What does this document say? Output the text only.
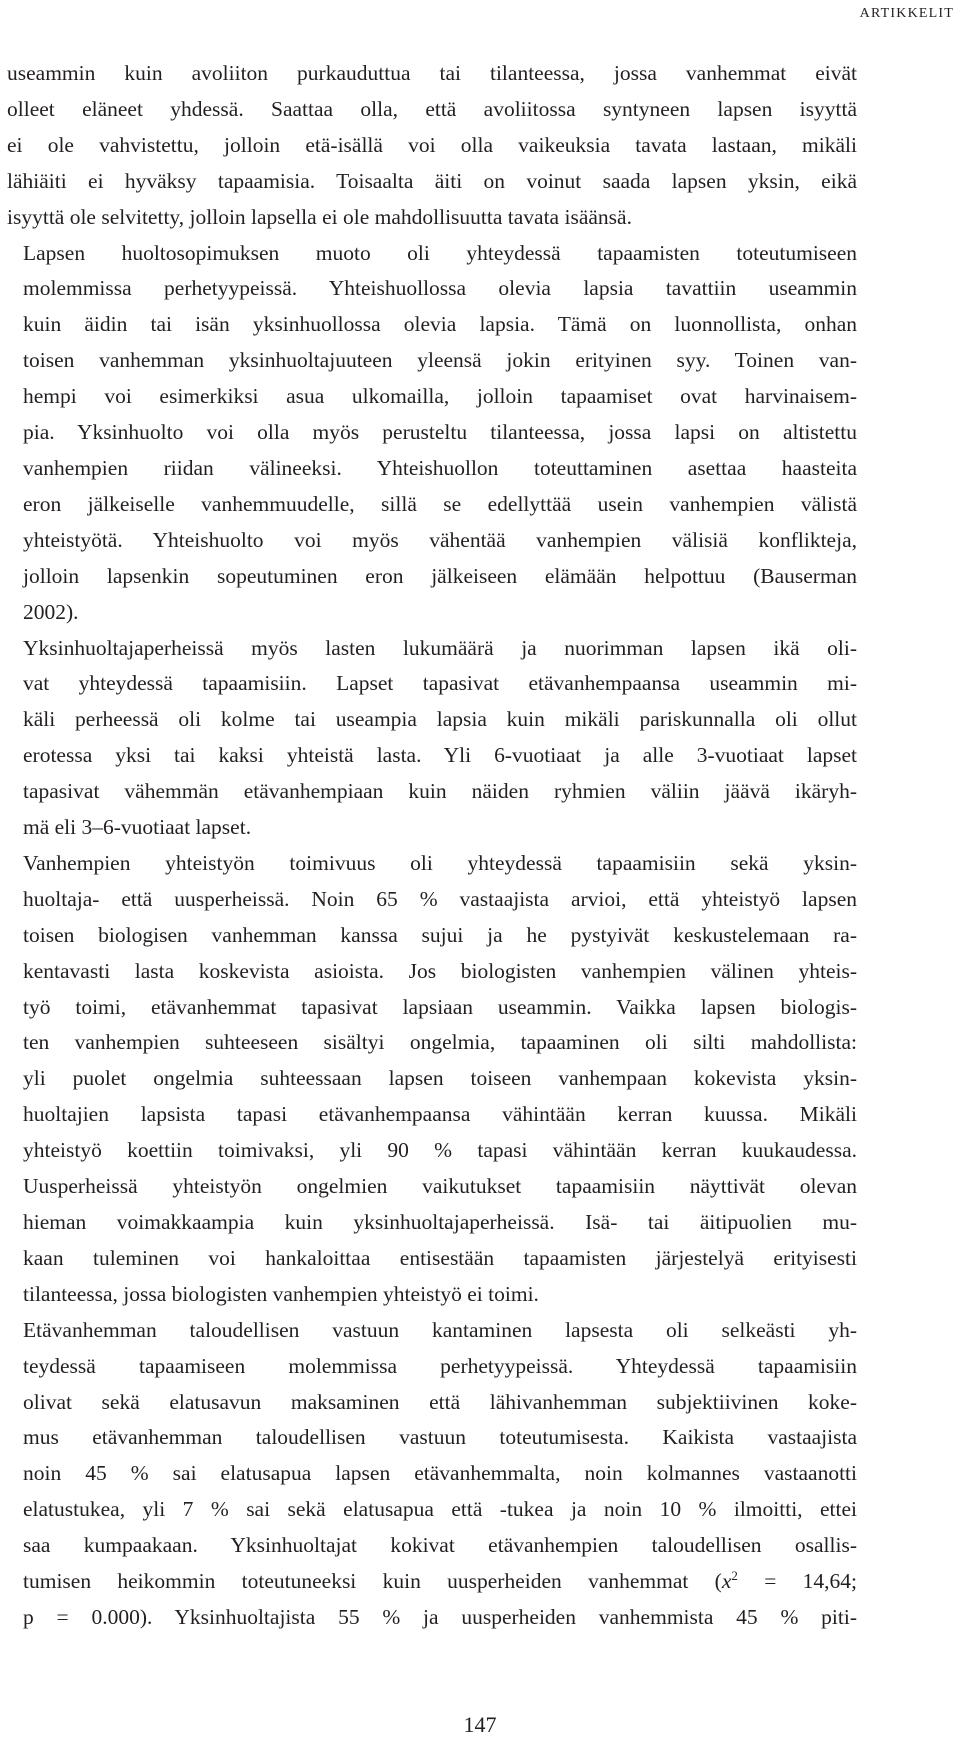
ARTIKKELIT

useammin kuin avoliiton purkauduttua tai tilanteessa, jossa vanhemmat eivät
olleet eläneet yhdessä. Saattaa olla, että avoliitossa syntyneen lapsen isyyttä
ei ole vahvistettu, jolloin etä-isällä voi olla vaikeuksia tavata lastaan, mikäli
lähiäiti ei hyväksy tapaamisia. Toisaalta äiti on voinut saada lapsen yksin, eikä
isyyttä ole selvitetty, jolloin lapsella ei ole mahdollisuutta tavata isäänsä.

Lapsen huoltosopimuksen muoto oli yhteydessä tapaamisten toteutumiseen
molemmissa perhetyypeissä. Yhteishuollossa olevia lapsia tavattiin useammin
kuin äidin tai isän yksinhuollossa olevia lapsia. Tämä on luonnollista, onhan
toisen vanhemman yksinhuoltajuuteen yleensä jokin erityinen syy. Toinen van-
hempi voi esimerkiksi asua ulkomailla, jolloin tapaamiset ovat harvinaisem-
pia. Yksinhuolto voi olla myös perusteltu tilanteessa, jossa lapsi on altistettu
vanhempien riidan välineeksi. Yhteishuollon toteuttaminen asettaa haasteita
eron jälkeiselle vanhemmuudelle, sillä se edellyttää usein vanhempien välistä
yhteistyötä. Yhteishuolto voi myös vähentää vanhempien välisiä konflikteja,
jolloin lapsenkin sopeutuminen eron jälkeiseen elämään helpottuu (Bauserman
2002).

Yksinhuoltajaperheissä myös lasten lukumäärä ja nuorimman lapsen ikä oli-
vat yhteydessä tapaamisiin. Lapset tapasivat etävanhempaansa useammin mi-
käli perheessä oli kolme tai useampia lapsia kuin mikäli pariskunnalla oli ollut
erotessa yksi tai kaksi yhteistä lasta. Yli 6-vuotiaat ja alle 3-vuotiaat lapset
tapasivat vähemmän etävanhempiaan kuin näiden ryhmien väliin jäävä ikäryh-
mä eli 3–6-vuotiaat lapset.

Vanhempien yhteistyön toimivuus oli yhteydessä tapaamisiin sekä yksin-
huoltaja- että uusperheissä. Noin 65 % vastaajista arvioi, että yhteistyö lapsen
toisen biologisen vanhemman kanssa sujui ja he pystyivät keskustelemaan ra-
kentavasti lasta koskevista asioista. Jos biologisten vanhempien välinen yhteis-
työ toimi, etävanhemmat tapasivat lapsiaan useammin. Vaikka lapsen biologis-
ten vanhempien suhteeseen sisältyi ongelmia, tapaaminen oli silti mahdollista:
yli puolet ongelmia suhteessaan lapsen toiseen vanhempaan kokevista yksin-
huoltajien lapsista tapasi etävanhempaansa vähintään kerran kuussa. Mikäli
yhteistyö koettiin toimivaksi, yli 90 % tapasi vähintään kerran kuukaudessa.
Uusperheissä yhteistyön ongelmien vaikutukset tapaamisiin näyttivät olevan
hieman voimakkaampia kuin yksinhuoltajaperheissä. Isä- tai äitipuolien mu-
kaan tuleminen voi hankaloittaa entisestään tapaamisten järjestelyä erityisesti
tilanteessa, jossa biologisten vanhempien yhteistyö ei toimi.

Etävanhemman taloudellisen vastuun kantaminen lapsesta oli selkeästi yh-
teydessä tapaamiseen molemmissa perhetyypeissä. Yhteydessä tapaamisiin
olivat sekä elatusavun maksaminen että lähivanhemman subjektiivinen koke-
mus etävanhemman taloudellisen vastuun toteutumisesta. Kaikista vastaajista
noin 45 % sai elatusapua lapsen etävanhemmalta, noin kolmannes vastaanotti
elatustukea, yli 7 % sai sekä elatusapua että -tukea ja noin 10 % ilmoitti, ettei
saa kumpaakaan. Yksinhuoltajat kokivat etävanhempien taloudellisen osallis-
tumisen heikommin toteutuneeksi kuin uusperheiden vanhemmat ($x^2 = 14,64$;
p = 0.000). Yksinhuoltajista 55 % ja uusperheiden vanhemmista 45 % piti-

147
